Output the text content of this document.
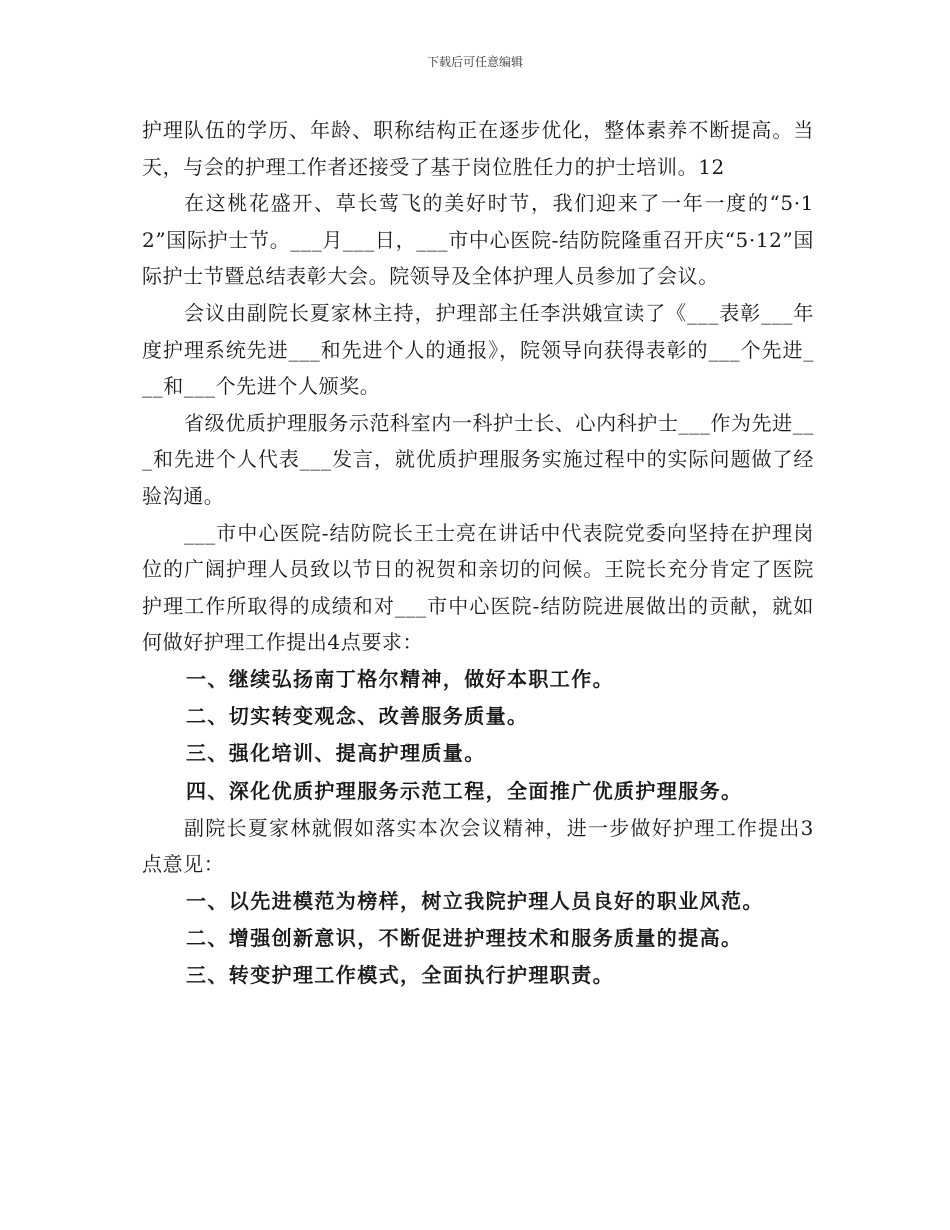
下载后可任意编辑

护理队伍的学历、年龄、职称结构正在逐步优化，整体素养不断提高。当天，与会的护理工作者还接受了基于岗位胜任力的护士培训。12

在这桃花盛开、草长莺飞的美好时节，我们迎来了一年一度的“5·12”国际护士节。___月___日，___市中心医院-结防院隆重召开庆“5·12”国际护士节暨总结表彰大会。院领导及全体护理人员参加了会议。

会议由副院长夏家林主持，护理部主任李洪娥宣读了《___表彰___年度护理系统先进___和先进个人的通报》，院领导向获得表彰的___个先进___和___个先进个人颁奖。

省级优质护理服务示范科室内一科护士长、心内科护士___作为先进___和先进个人代表___发言，就优质护理服务实施过程中的实际问题做了经验沟通。

___市中心医院-结防院长王士亮在讲话中代表院党委向坚持在护理岗位的广阔护理人员致以节日的祝贺和亲切的问候。王院长充分肯定了医院护理工作所取得的成绩和对___市中心医院-结防院进展做出的贡献，就如何做好护理工作提出4点要求：

一、继续弘扬南丁格尔精神，做好本职工作。

二、切实转变观念、改善服务质量。

三、强化培训、提高护理质量。

四、深化优质护理服务示范工程，全面推广优质护理服务。

副院长夏家林就假如落实本次会议精神，进一步做好护理工作提出3点意见：

一、以先进模范为榜样，树立我院护理人员良好的职业风范。

二、增强创新意识，不断促进护理技术和服务质量的提高。

三、转变护理工作模式，全面执行护理职责。
